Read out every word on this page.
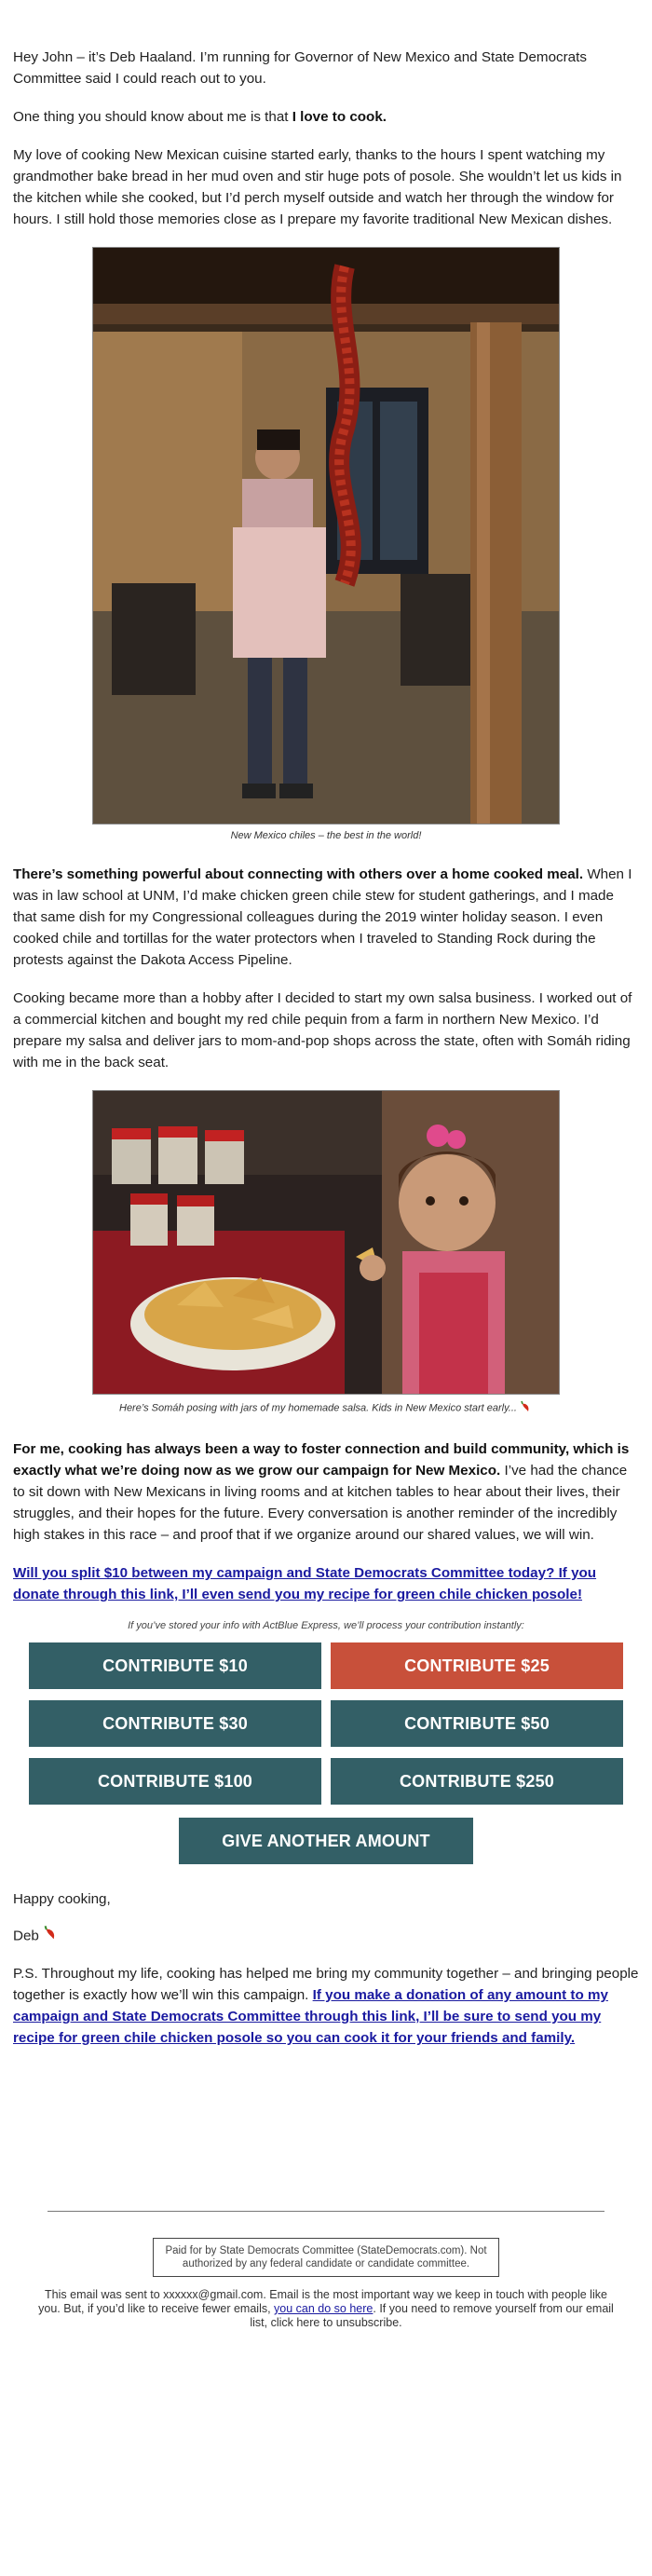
Hey John – it’s Deb Haaland. I’m running for Governor of New Mexico and State Democrats Committee said I could reach out to you.

One thing you should know about me is that I love to cook.

My love of cooking New Mexican cuisine started early, thanks to the hours I spent watching my grandmother bake bread in her mud oven and stir huge pots of posole. She wouldn’t let us kids in the kitchen while she cooked, but I’d perch myself outside and watch her through the window for hours. I still hold those memories close as I prepare my favorite traditional New Mexican dishes.

New Mexico chiles – the best in the world!

There’s something powerful about connecting with others over a home cooked meal. When I was in law school at UNM, I’d make chicken green chile stew for student gatherings, and I made that same dish for my Congressional colleagues during the 2019 winter holiday season. I even cooked chile and tortillas for the water protectors when I traveled to Standing Rock during the protests against the Dakota Access Pipeline.

Cooking became more than a hobby after I decided to start my own salsa business. I worked out of a commercial kitchen and bought my red chile pequin from a farm in northern New Mexico. I’d prepare my salsa and deliver jars to mom-and-pop shops across the state, often with Somáh riding with me in the back seat.

Here’s Somáh posing with jars of my homemade salsa. Kids in New Mexico start early...

For me, cooking has always been a way to foster connection and build community, which is exactly what we’re doing now as we grow our campaign for New Mexico. I’ve had the chance to sit down with New Mexicans in living rooms and at kitchen tables to hear about their lives, their struggles, and their hopes for the future. Every conversation is another reminder of the incredibly high stakes in this race – and proof that if we organize around our shared values, we will win.

Will you split $10 between my campaign and State Democrats Committee today? If you donate through this link, I’ll even send you my recipe for green chile chicken posole!

If you’ve stored your info with ActBlue Express, we’ll process your contribution instantly:
CONTRIBUTE $10	CONTRIBUTE $25
CONTRIBUTE $30	CONTRIBUTE $50
CONTRIBUTE $100	CONTRIBUTE $250
GIVE ANOTHER AMOUNT

Happy cooking,

Deb

P.S. Throughout my life, cooking has helped me bring my community together – and bringing people together is exactly how we’ll win this campaign. If you make a donation of any amount to my campaign and State Democrats Committee through this link, I’ll be sure to send you my recipe for green chile chicken posole so you can cook it for your friends and family.

Paid for by State Democrats Committee (StateDemocrats.com). Not authorized by any federal candidate or candidate committee.
This email was sent to xxxxxx@gmail.com. Email is the most important way we keep in touch with people like you. But, if you’d like to receive fewer emails, you can do so here. If you need to remove yourself from our email list, click here to unsubscribe.
